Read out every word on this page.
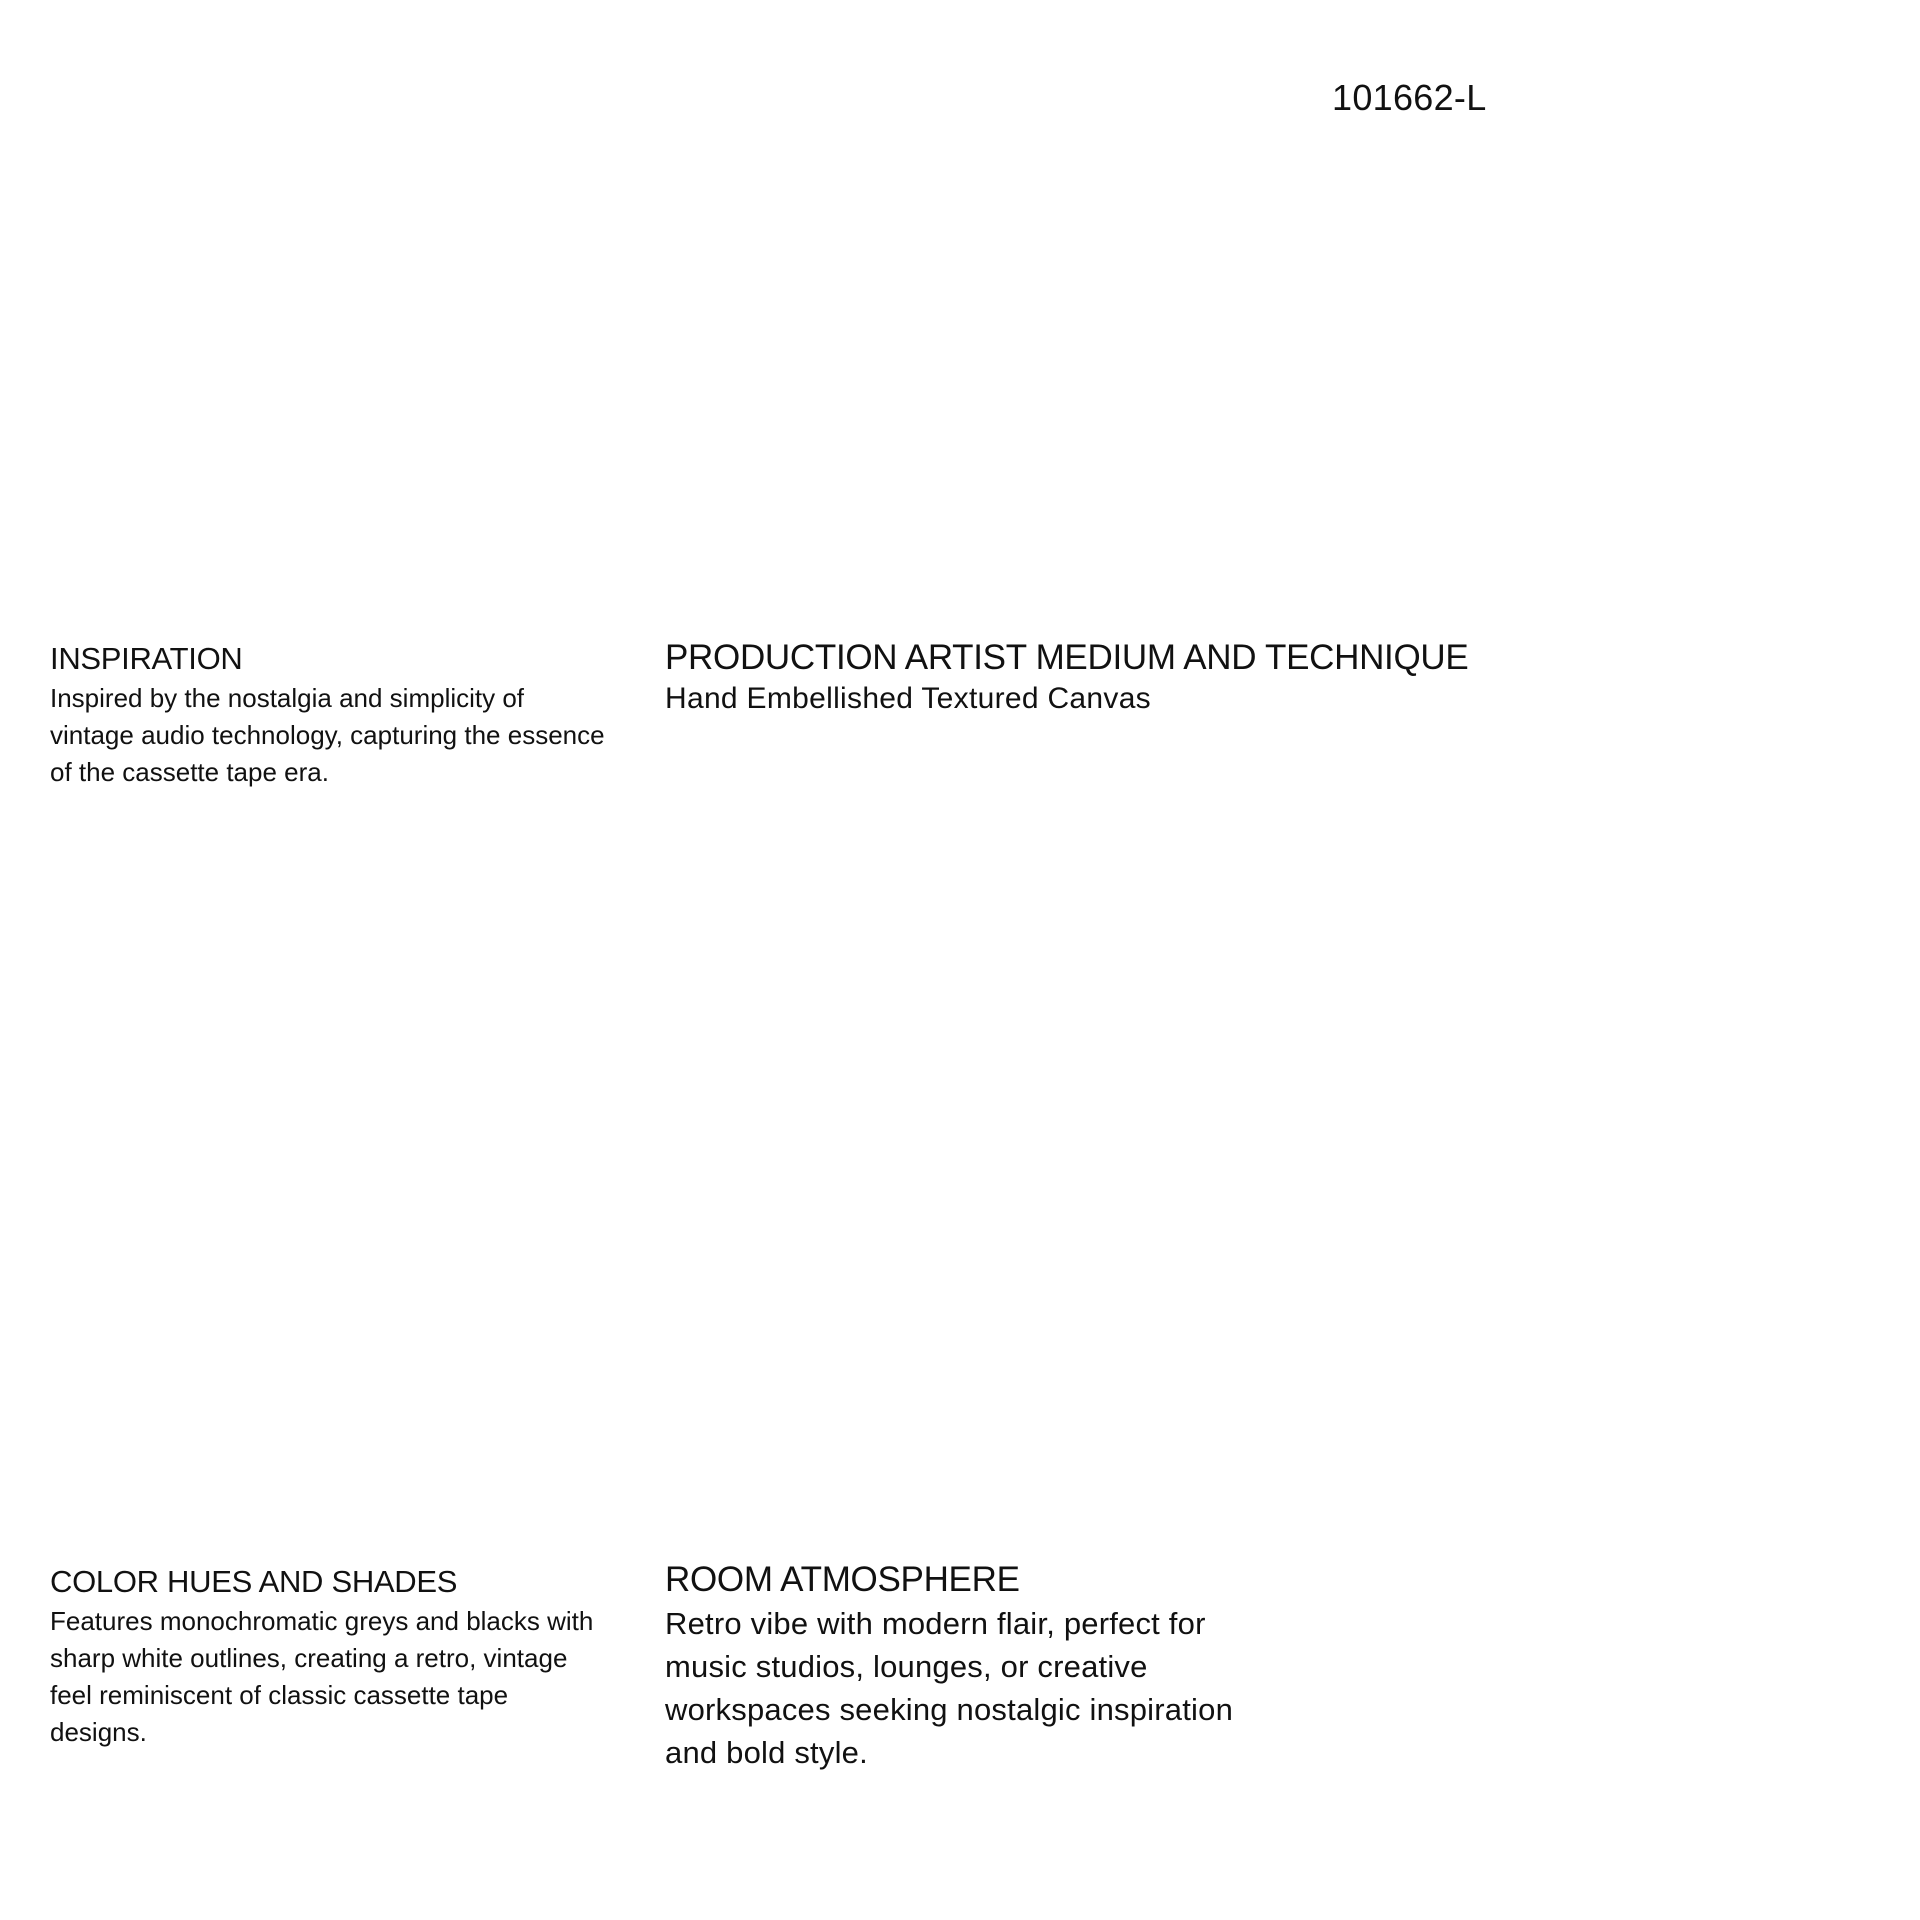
101662-L
INSPIRATION
Inspired by the nostalgia and simplicity of vintage audio technology, capturing the essence of the cassette tape era.
PRODUCTION ARTIST MEDIUM AND TECHNIQUE
Hand Embellished Textured Canvas
COLOR HUES AND SHADES
Features monochromatic greys and blacks with sharp white outlines, creating a retro, vintage feel reminiscent of classic cassette tape designs.
ROOM ATMOSPHERE
Retro vibe with modern flair, perfect for music studios, lounges, or creative workspaces seeking nostalgic inspiration and bold style.
